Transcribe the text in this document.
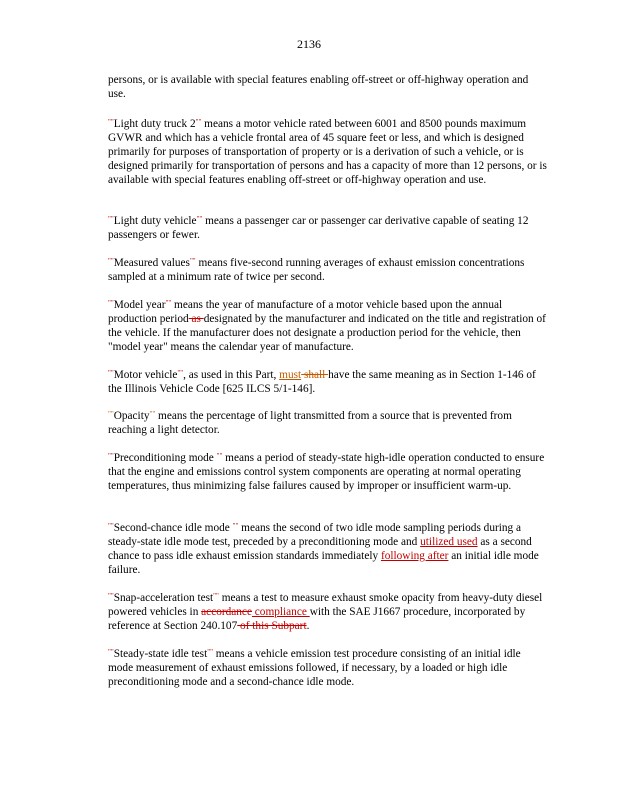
2136

persons, or is available with special features enabling off-street or off-highway operation and use.

""Light duty truck 2"" means a motor vehicle rated between 6001 and 8500 pounds maximum GVWR and which has a vehicle frontal area of 45 square feet or less, and which is designed primarily for purposes of transportation of property or is a derivation of such a vehicle, or is designed primarily for transportation of persons and has a capacity of more than 12 persons, or is available with special features enabling off-street or off-highway operation and use.

""Light duty vehicle"" means a passenger car or passenger car derivative capable of seating 12 passengers or fewer.

""Measured values"" means five-second running averages of exhaust emission concentrations sampled at a minimum rate of twice per second.

""Model year"" means the year of manufacture of a motor vehicle based upon the annual production period as designated by the manufacturer and indicated on the title and registration of the vehicle. If the manufacturer does not designate a production period for the vehicle, then "model year" means the calendar year of manufacture.

""Motor vehicle"", as used in this Part, must shall have the same meaning as in Section 1-146 of the Illinois Vehicle Code [625 ILCS 5/1-146].

""Opacity"" means the percentage of light transmitted from a source that is prevented from reaching a light detector.

""Preconditioning mode "" means a period of steady-state high-idle operation conducted to ensure that the engine and emissions control system components are operating at normal operating temperatures, thus minimizing false failures caused by improper or insufficient warm-up.

""Second-chance idle mode "" means the second of two idle mode sampling periods during a steady-state idle mode test, preceded by a preconditioning mode and utilized used as a second chance to pass idle exhaust emission standards immediately following after an initial idle mode failure.

""Snap-acceleration test"" means a test to measure exhaust smoke opacity from heavy-duty diesel powered vehicles in accordance compliance with the SAE J1667 procedure, incorporated by reference at Section 240.107 of this Subpart.

""Steady-state idle test"" means a vehicle emission test procedure consisting of an initial idle mode measurement of exhaust emissions followed, if necessary, by a loaded or high idle preconditioning mode and a second-chance idle mode.
